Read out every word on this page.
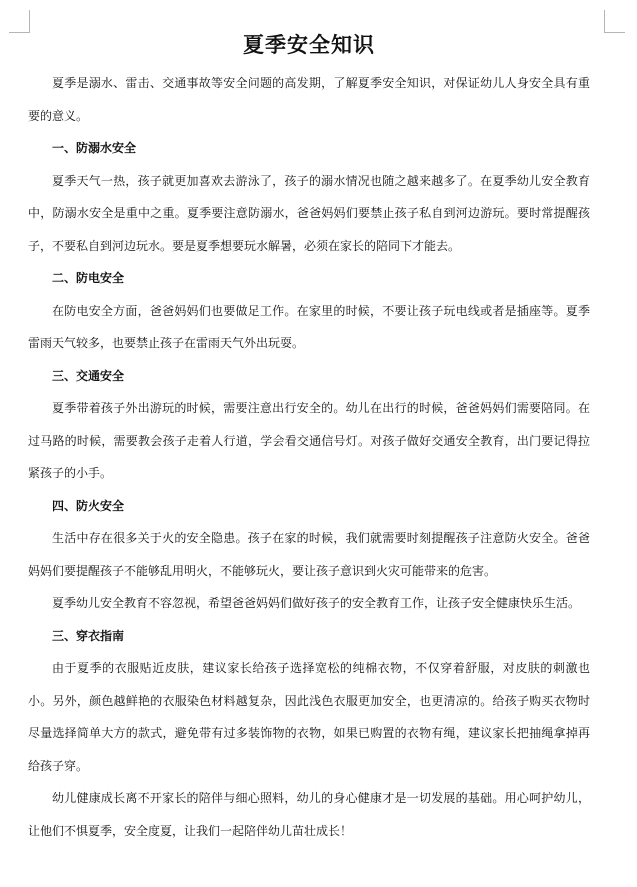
夏季安全知识

夏季是溺水、雷击、交通事故等安全问题的高发期，了解夏季安全知识，对保证幼儿人身安全具有重要的意义。

一、防溺水安全

夏季天气一热，孩子就更加喜欢去游泳了，孩子的溺水情况也随之越来越多了。在夏季幼儿安全教育中，防溺水安全是重中之重。夏季要注意防溺水，爸爸妈妈们要禁止孩子私自到河边游玩。要时常提醒孩子，不要私自到河边玩水。要是夏季想要玩水解暑，必须在家长的陪同下才能去。

二、防电安全

在防电安全方面，爸爸妈妈们也要做足工作。在家里的时候，不要让孩子玩电线或者是插座等。夏季雷雨天气较多，也要禁止孩子在雷雨天气外出玩耍。

三、交通安全

夏季带着孩子外出游玩的时候，需要注意出行安全的。幼儿在出行的时候，爸爸妈妈们需要陪同。在过马路的时候，需要教会孩子走着人行道，学会看交通信号灯。对孩子做好交通安全教育，出门要记得拉紧孩子的小手。

四、防火安全

生活中存在很多关于火的安全隐患。孩子在家的时候，我们就需要时刻提醒孩子注意防火安全。爸爸妈妈们要提醒孩子不能够乱用明火，不能够玩火，要让孩子意识到火灾可能带来的危害。

夏季幼儿安全教育不容忽视，希望爸爸妈妈们做好孩子的安全教育工作，让孩子安全健康快乐生活。

三、穿衣指南

由于夏季的衣服贴近皮肤，建议家长给孩子选择宽松的纯棉衣物，不仅穿着舒服，对皮肤的刺激也小。另外，颜色越鲜艳的衣服染色材料越复杂，因此浅色衣服更加安全，也更清凉的。给孩子购买衣物时尽量选择简单大方的款式，避免带有过多装饰物的衣物，如果已购置的衣物有绳，建议家长把抽绳拿掉再给孩子穿。

幼儿健康成长离不开家长的陪伴与细心照料，幼儿的身心健康才是一切发展的基础。用心呵护幼儿，让他们不惧夏季，安全度夏，让我们一起陪伴幼儿苗壮成长！
